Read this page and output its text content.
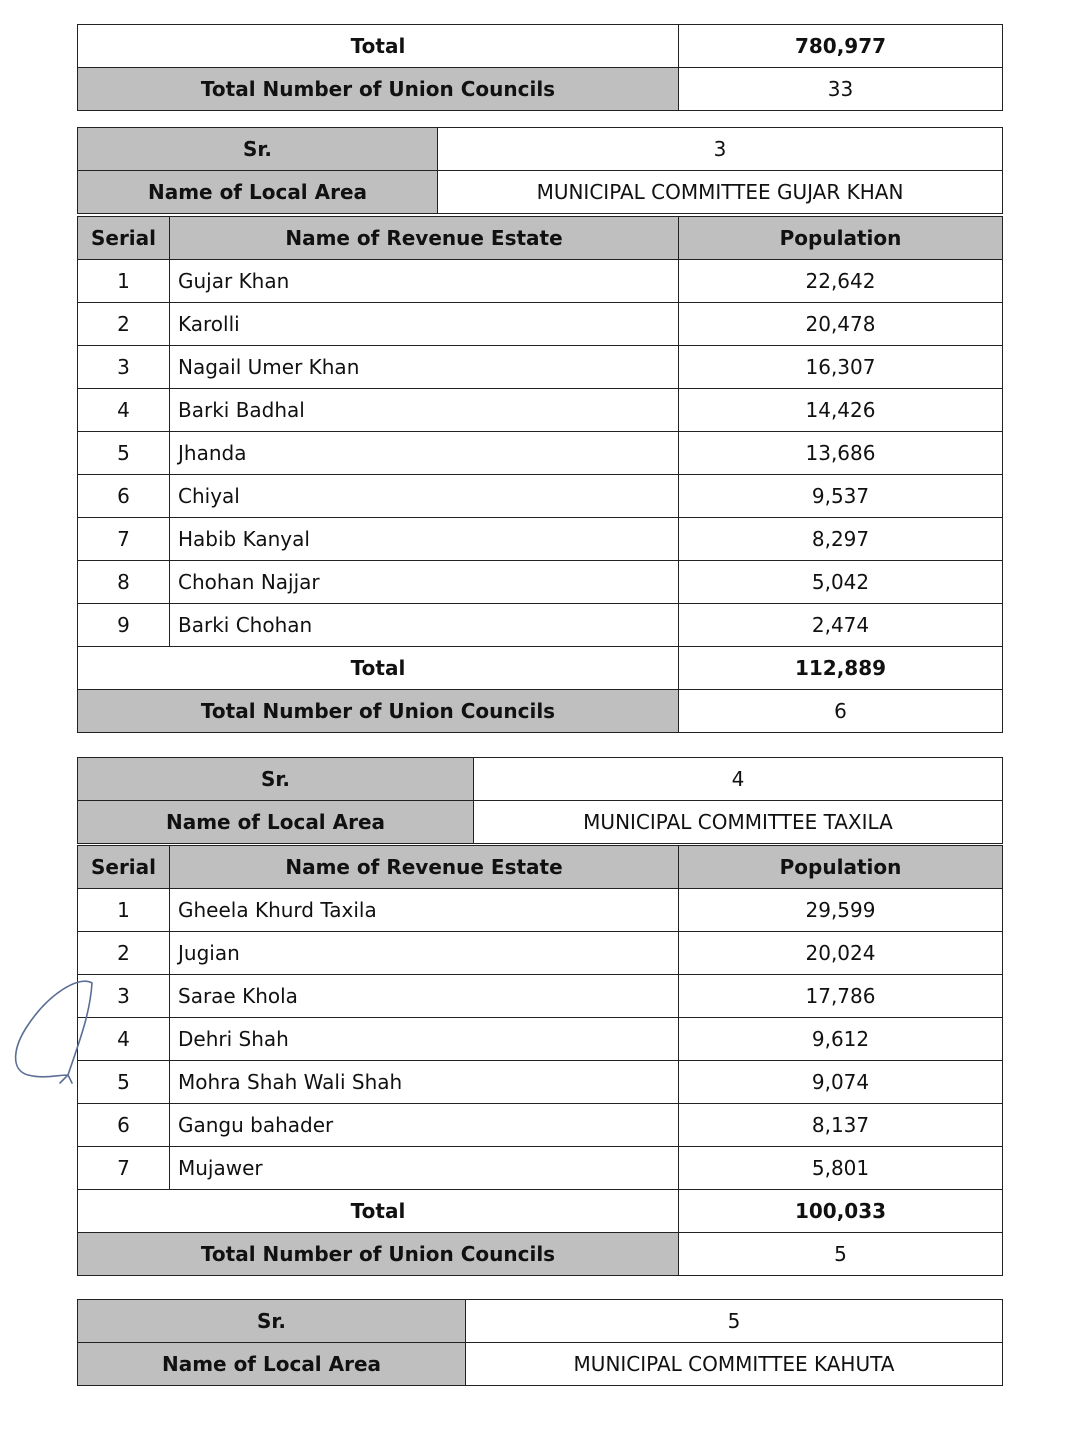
Total	780,977
Total Number of Union Councils	33
Sr.	3
Name of Local Area	MUNICIPAL COMMITTEE GUJAR KHAN
Serial	Name of Revenue Estate	Population
1	Gujar Khan	22,642
2	Karolli	20,478
3	Nagail Umer Khan	16,307
4	Barki Badhal	14,426
5	Jhanda	13,686
6	Chiyal	9,537
7	Habib Kanyal	8,297
8	Chohan Najjar	5,042
9	Barki Chohan	2,474
Total		112,889
Total Number of Union Councils		6
Sr.	4
Name of Local Area	MUNICIPAL COMMITTEE TAXILA
Serial	Name of Revenue Estate	Population
1	Gheela Khurd Taxila	29,599
2	Jugian	20,024
3	Sarae Khola	17,786
4	Dehri Shah	9,612
5	Mohra Shah Wali Shah	9,074
6	Gangu bahader	8,137
7	Mujawer	5,801
Total		100,033
Total Number of Union Councils		5
Sr.	5
Name of Local Area	MUNICIPAL COMMITTEE KAHUTA
